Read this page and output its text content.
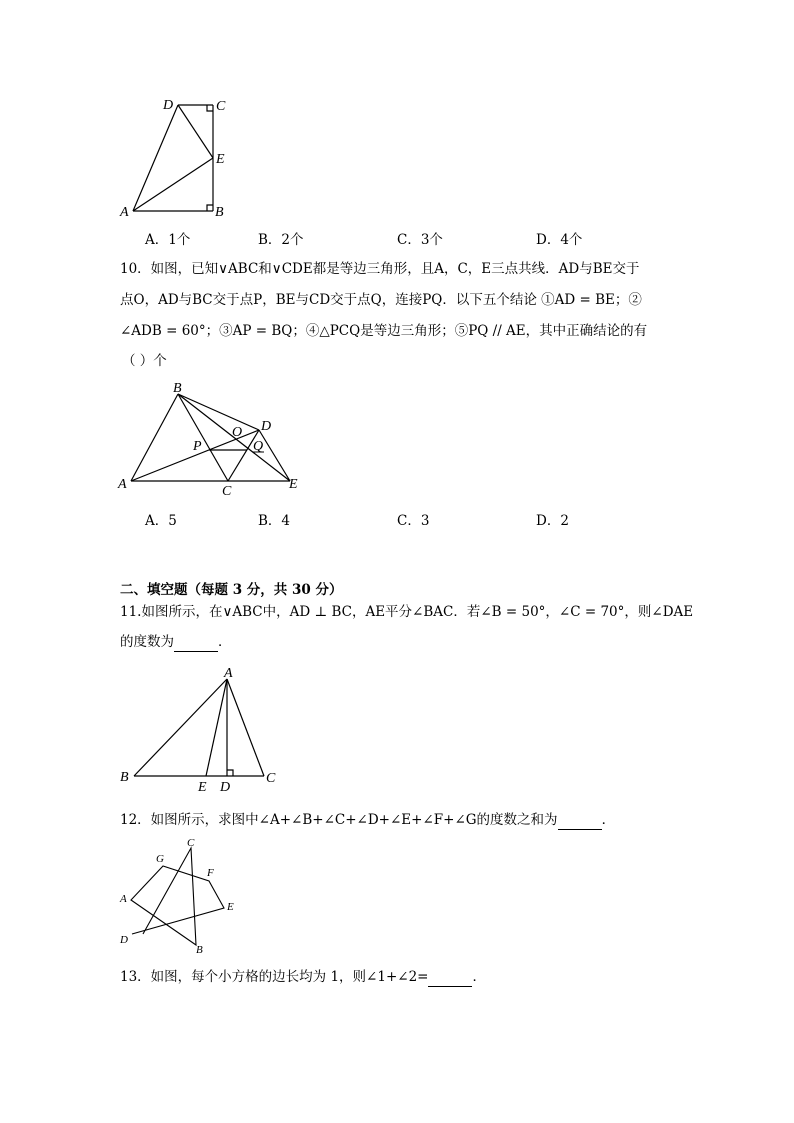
D	C
E
A	B
A．1个	B．2个	C．3个	D．4个
10．如图，已知∨ABC和∨CDE都是等边三角形，且A，C，E三点共线．AD与BE交于
点O，AD与BC交于点P，BE与CD交于点Q，连接PQ．以下五个结论 ①AD = BE；②
∠ADB = 60°；③AP = BQ；④△PCQ是等边三角形；⑤PQ // AE，其中正确结论的有
（ ）个
B
D
O
Q
P
A	C	E
A．5	B．4	C．3	D．2
二、填空题（每题 3 分，共 30 分）
11.如图所示，在∨ABC中，AD ⊥ BC，AE平分∠BAC．若∠B = 50°，∠C = 70°，则∠DAE
的度数为	．
A
B
E D
C
12．如图所示，求图中∠A+∠B+∠C+∠D+∠E+∠F+∠G的度数之和为	．
G
C
F
A
E
D
B
13．如图，每个小方格的边长均为 1，则∠1+∠2=	．
